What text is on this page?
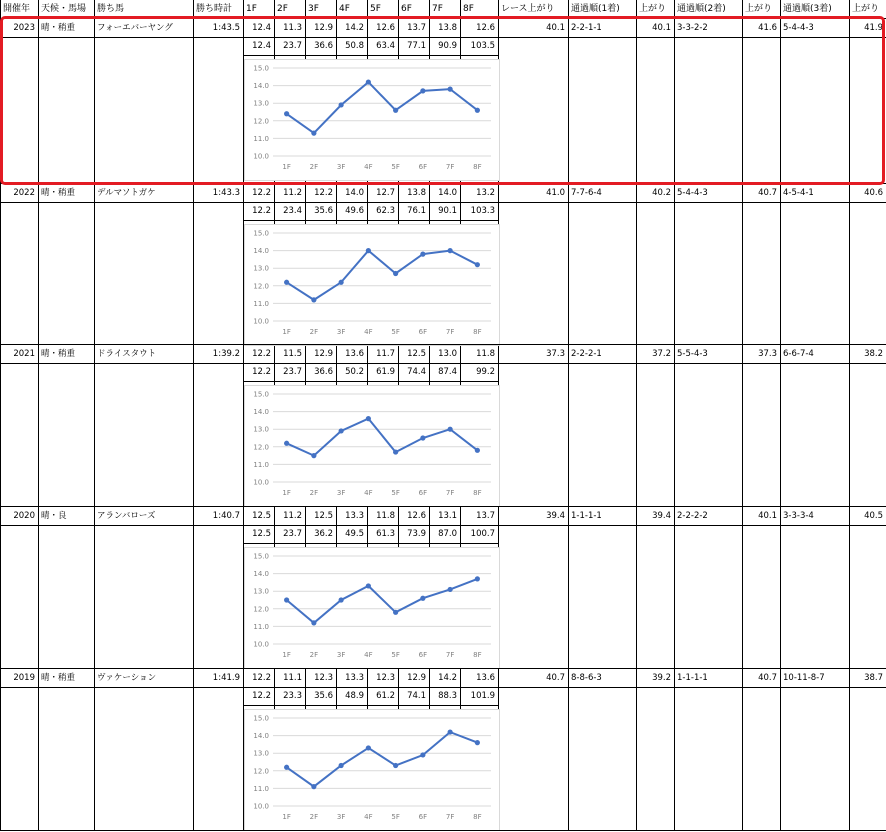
開催年	天候・馬場	勝ち馬	勝ち時計	1F	2F	3F	4F	5F	6F	7F	8F	レース上がり	通過順(1着)	上がり	通過順(2着)	上がり	通過順(3着)	上がり
2023 晴・稍重	フォーエバーヤング	1:43.5	12.4	11.3	12.9	14.2	12.6	13.7	13.8	12.6	40.1 2-2-1-1	40.1 3-3-2-2	41.6 5-4-4-3	41.9
12.4	23.7	36.6	50.8	63.4	77.1	90.9	103.5
10.0
11.0
12.0
13.0
14.0
15.0
1F	2F	3F	4F	5F	6F	7F	8F
2022 晴・稍重	デルマソトガケ	1:43.3	12.2	11.2	12.2	14.0	12.7	13.8	14.0	13.2	41.0 7-7-6-4	40.2 5-4-4-3	40.7 4-5-4-1	40.6
12.2	23.4	35.6	49.6	62.3	76.1	90.1	103.3
10.0
11.0
12.0
13.0
14.0
15.0
1F	2F	3F	4F	5F	6F	7F	8F
2021 晴・稍重	ドライスタウト	1:39.2	12.2	11.5	12.9	13.6	11.7	12.5	13.0	11.8	37.3 2-2-2-1	37.2 5-5-4-3	37.3 6-6-7-4	38.2
12.2	23.7	36.6	50.2	61.9	74.4	87.4	99.2
10.0
11.0
12.0
13.0
14.0
15.0
1F	2F	3F	4F	5F	6F	7F	8F
2020 晴・良	アランバローズ	1:40.7	12.5	11.2	12.5	13.3	11.8	12.6	13.1	13.7	39.4 1-1-1-1	39.4 2-2-2-2	40.1 3-3-3-4	40.5
12.5	23.7	36.2	49.5	61.3	73.9	87.0	100.7
10.0
11.0
12.0
13.0
14.0
15.0
1F	2F	3F	4F	5F	6F	7F	8F
2019 晴・稍重	ヴァケーション	1:41.9	12.2	11.1	12.3	13.3	12.3	12.9	14.2	13.6	40.7 8-8-6-3	39.2 1-1-1-1	40.7 10-11-8-7	38.7
12.2	23.3	35.6	48.9	61.2	74.1	88.3	101.9
10.0
11.0
12.0
13.0
14.0
15.0
1F	2F	3F	4F	5F	6F	7F	8F
